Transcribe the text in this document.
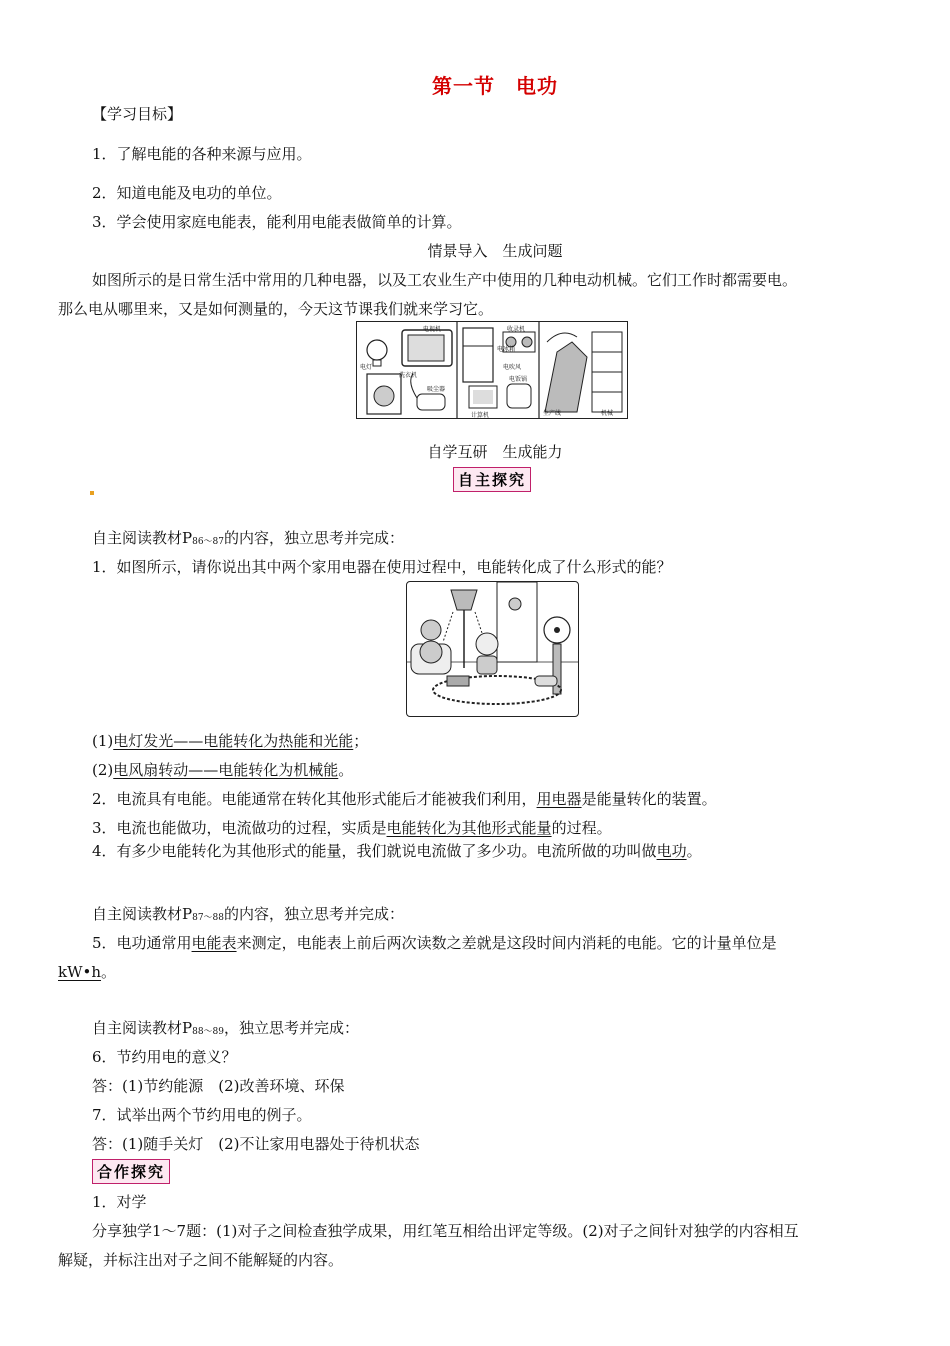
第一节　电功
【学习目标】
1．了解电能的各种来源与应用。
2．知道电能及电功的单位。
3．学会使用家庭电能表，能利用电能表做简单的计算。
情景导入　生成问题
如图所示的是日常生活中常用的几种电器，以及工农业生产中使用的几种电动机械。它们工作时都需要电。
那么电从哪里来，又是如何测量的，今天这节课我们就来学习它。
电灯
洗衣机
电视机
吸尘器
电冰箱
收录机
计算机
电饭锅
电吹风
生产线	机械
自学互研　生成能力
自主探究
自主阅读教材P86～87的内容，独立思考并完成：
1．如图所示，请你说出其中两个家用电器在使用过程中，电能转化成了什么形式的能？
(1)电灯发光——电能转化为热能和光能；
(2)电风扇转动——电能转化为机械能。
2．电流具有电能。电能通常在转化其他形式能后才能被我们利用，用电器是能量转化的装置。
3．电流也能做功，电流做功的过程，实质是电能转化为其他形式能量的过程。
4．有多少电能转化为其他形式的能量，我们就说电流做了多少功。电流所做的功叫做电功。
自主阅读教材P87～88的内容，独立思考并完成：
5．电功通常用电能表来测定，电能表上前后两次读数之差就是这段时间内消耗的电能。它的计量单位是
kW•h。
自主阅读教材P88～89，独立思考并完成：
6．节约用电的意义？
答：(1)节约能源　(2)改善环境、环保
7．试举出两个节约用电的例子。
答：(1)随手关灯　(2)不让家用电器处于待机状态
合作探究
1．对学
分享独学1～7题：(1)对子之间检查独学成果，用红笔互相给出评定等级。(2)对子之间针对独学的内容相互
解疑，并标注出对子之间不能解疑的内容。
